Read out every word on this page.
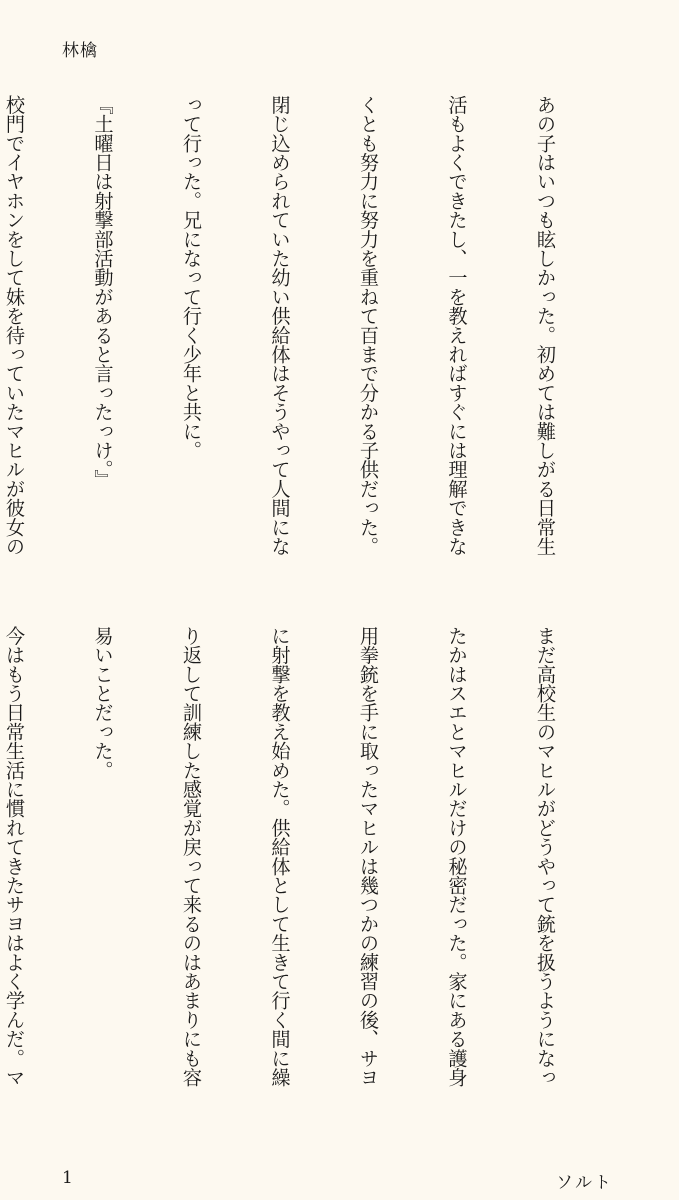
林檎

あの子はいつも眩しかった。初めては難しがる日常生

活もよくできたし、一を教えればすぐには理解できな

くとも努力に努力を重ねて百まで分かる子供だった。

閉じ込められていた幼い供給体はそうやって人間にな

って行った。兄になって行く少年と共に。

『土曜日は射撃部活動があると言ったっけ。』

校門でイヤホンをして妹を待っていたマヒルが彼女の

まだ高校生のマヒルがどうやって銃を扱うようになっ

たかはスエとマヒルだけの秘密だった。家にある護身

用拳銃を手に取ったマヒルは幾つかの練習の後、サヨ

に射撃を教え始めた。供給体として生きて行く間に繰

り返して訓練した感覚が戻って来るのはあまりにも容

易いことだった。

今はもう日常生活に慣れてきたサヨはよく学んだ。マ

1	ソルト
